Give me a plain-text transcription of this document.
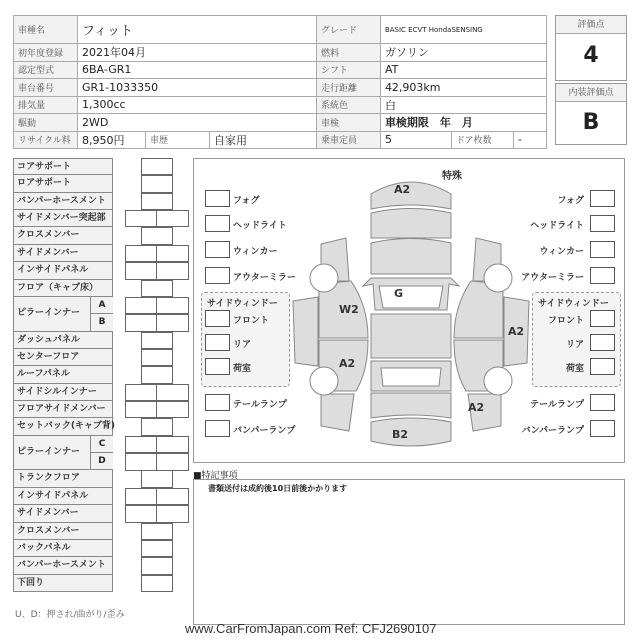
車種名	フィット			グレード	BASIC ECVT HondaSENSING		
初年度登録	2021年04月			燃料	ガソリン		
認定型式	6BA-GR1			シフト	AT		
車台番号	GR1-1033350			走行距離	42,903km		
排気量	1,300cc			系統色	白		
駆動	2WD			車検	車検期限　年　月		
リサイクル料	8,950円	車歴	自家用	乗車定員	5	ドア枚数	-
評価点
4
内装評価点
B
コアサポート
ロアサポート
バンパーホースメント
サイドメンバー突起部
クロスメンバー
サイドメンバー
インサイドパネル
フロア（キャブ床）
ピラーインナー
A
B
ダッシュパネル
センターフロア
ルーフパネル
サイドシルインナー
フロアサイドメンバー
セットバック(キャブ背)
ピラーインナー
C
D
トランクフロア
インサイドパネル
サイドメンバー
クロスメンバー
バックパネル
バンパーホースメント
下回り
U、D：押され/曲がり/歪み
特殊
A2
G
W2
A2
A2
A2
B2
フォグ
ヘッドライト
ウィンカー
アウターミラー
フォグ
ヘッドライト
ウィンカー
アウターミラー
サイドウィンドー	サイドウィンドー
フロント	フロント
リア	リア
荷室	荷室
テールランプ	テールランプ
バンパーランプ	バンパーランプ
■特記事項
書類送付は成約後10日前後かかります
www.CarFromJapan.com Ref: CFJ2690107
